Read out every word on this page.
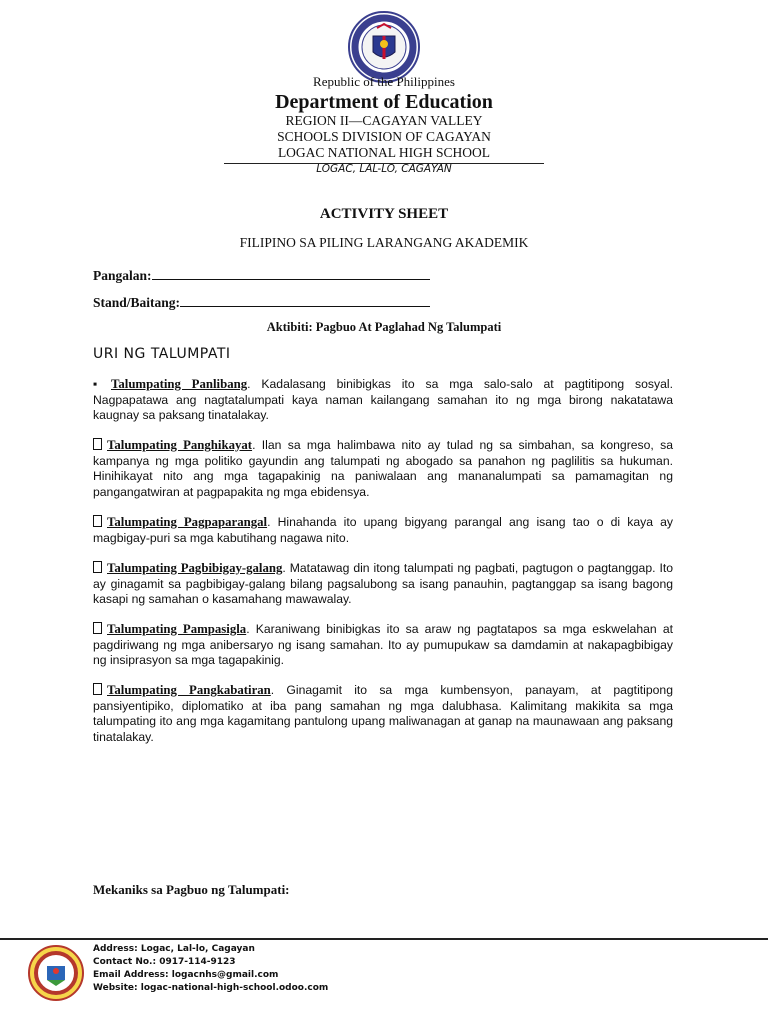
Republic of the Philippines
Department of Education
REGION II—CAGAYAN VALLEY
SCHOOLS DIVISION OF CAGAYAN
LOGAC NATIONAL HIGH SCHOOL
LOGAC, LAL-LO, CAGAYAN
ACTIVITY SHEET
FILIPINO SA PILING LARANGANG AKADEMIK
Pangalan:
Stand/Baitang:
Aktibiti: Pagbuo At Paglahad Ng Talumpati
URI NG TALUMPATI
▪ Talumpating Panlibang. Kadalasang binibigkas ito sa mga salo-salo at pagtitipong sosyal. Nagpapatawa ang nagtatalumpati kaya naman kailangang samahan ito ng mga birong nakatatawa kaugnay sa paksang tinatalakay.
Talumpating Panghikayat. Ilan sa mga halimbawa nito ay tulad ng sa simbahan, sa kongreso, sa kampanya ng mga politiko gayundin ang talumpati ng abogado sa panahon ng paglilitis sa hukuman. Hinihikayat nito ang mga tagapakinig na paniwalaan ang mananalumpati sa pamamagitan ng pangangatwiran at pagpapakita ng mga ebidensya.
Talumpating Pagpaparangal. Hinahanda ito upang bigyang parangal ang isang tao o di kaya ay magbigay-puri sa mga kabutihang nagawa nito.
Talumpating Pagbibigay-galang. Matatawag din itong talumpati ng pagbati, pagtugon o pagtanggap. Ito ay ginagamit sa pagbibigay-galang bilang pagsalubong sa isang panauhin, pagtanggap sa isang bagong kasapi ng samahan o kasamahang mawawalay.
Talumpating Pampasigla. Karaniwang binibigkas ito sa araw ng pagtatapos sa mga eskwelahan at pagdiriwang ng mga anibersaryo ng isang samahan. Ito ay pumupukaw sa damdamin at nakapagbibigay ng insiprasyon sa mga tagapakinig.
Talumpating Pangkabatiran. Ginagamit ito sa mga kumbensyon, panayam, at pagtitipong pansiyentipiko, diplomatiko at iba pang samahan ng mga dalubhasa. Kalimitang makikita sa mga talumpating ito ang mga kagamitang pantulong upang maliwanagan at ganap na maunawaan ang paksang tinatalakay.
Mekaniks sa Pagbuo ng Talumpati:
Address: Logac, Lal-lo, Cagayan
Contact No.: 0917-114-9123
Email Address: logacnhs@gmail.com
Website: logac-national-high-school.odoo.com
